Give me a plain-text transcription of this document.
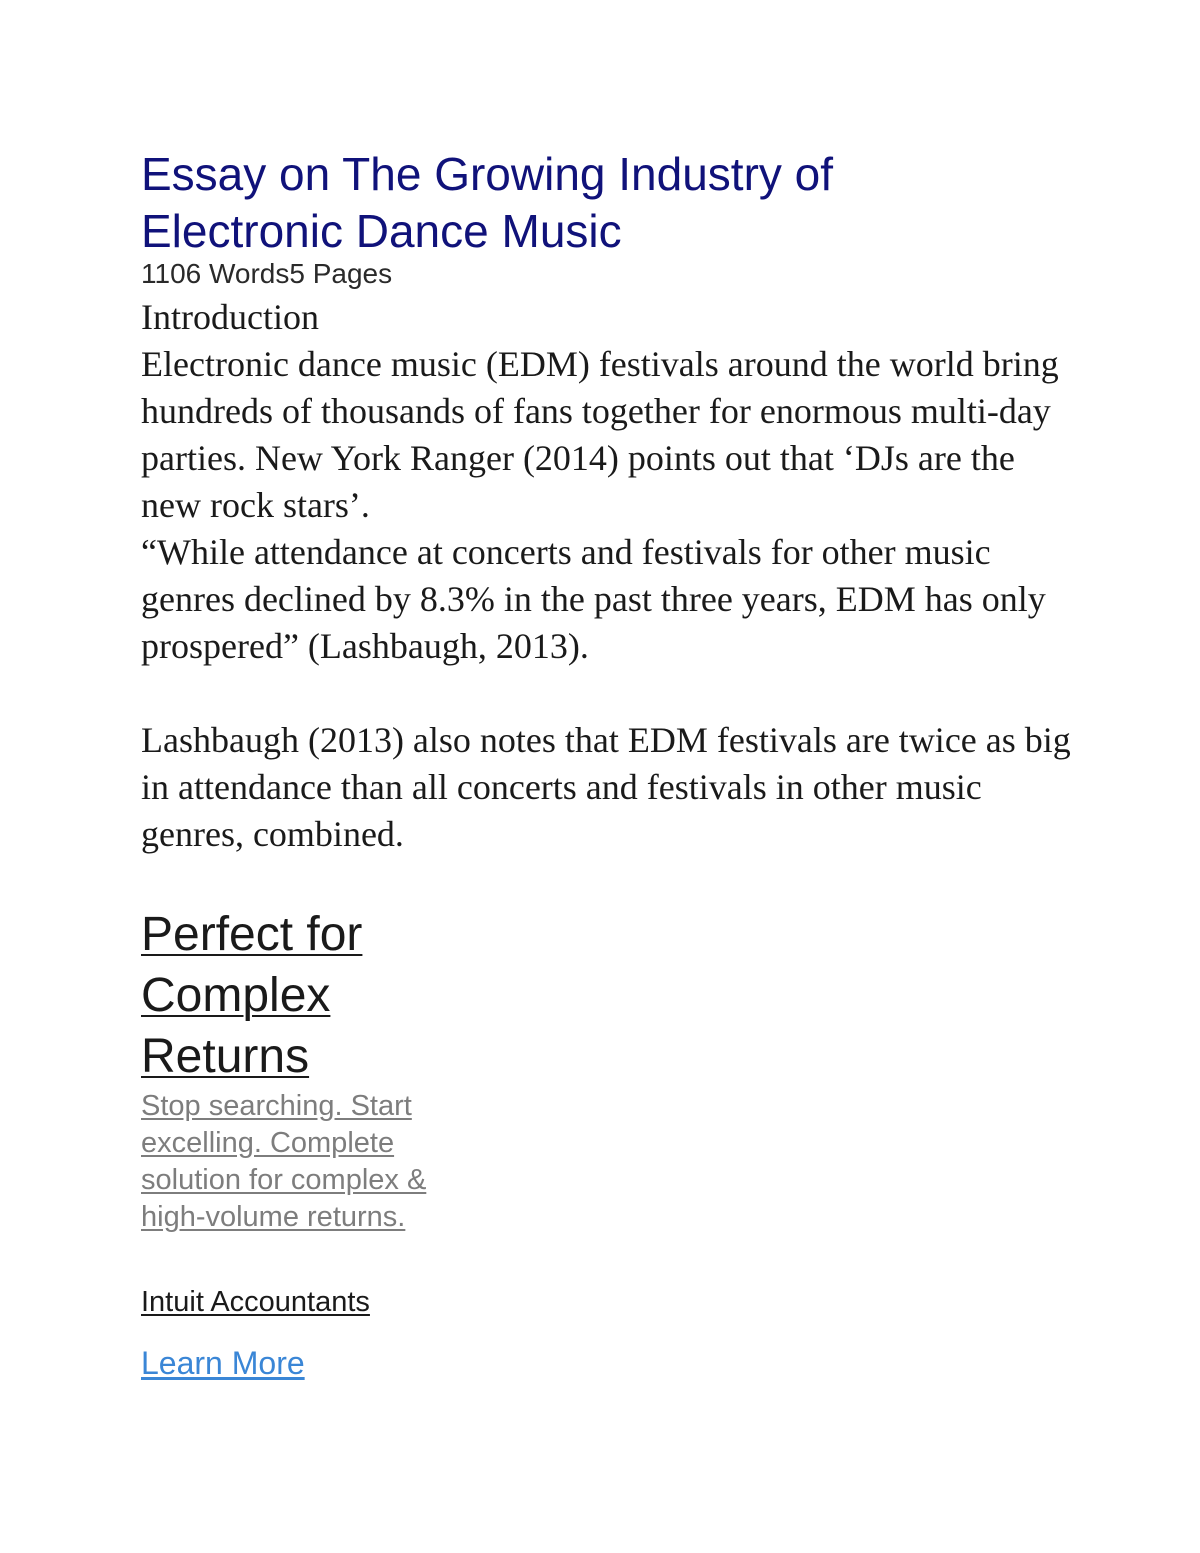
Essay on The Growing Industry of Electronic Dance Music
1106 Words5 Pages
Introduction

Electronic dance music (EDM) festivals around the world bring hundreds of thousands of fans together for enormous multi-day parties. New York Ranger (2014) points out that ‘DJs are the new rock stars’.

“While attendance at concerts and festivals for other music genres declined by 8.3% in the past three years, EDM has only prospered” (Lashbaugh, 2013).

Lashbaugh (2013) also notes that EDM festivals are twice as big in attendance than all concerts and festivals in other music genres, combined.

Perfect for Complex Returns

Stop searching. Start excelling. Complete solution for complex & high-volume returns.

Intuit Accountants
Learn More
